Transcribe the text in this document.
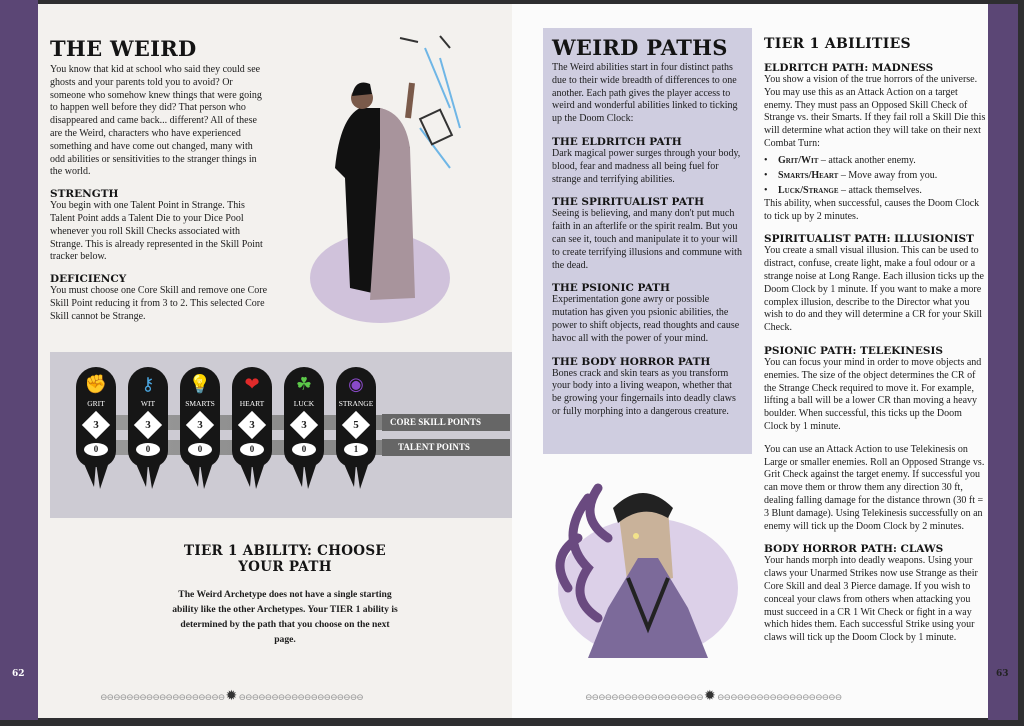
THE WEIRD

You know that kid at school who said they could see ghosts and your parents told you to avoid? Or someone who somehow knew things that were going to happen well before they did? That person who disappeared and came back... different? All of these are the Weird, characters who have experienced something and have come out changed, many with odd abilities or sensitivities to the stranger things in the world.

STRENGTH

You begin with one Talent Point in Strange. This Talent Point adds a Talent Die to your Dice Pool whenever you roll Skill Checks associated with Strange. This is already represented in the Skill Point tracker below.

DEFICIENCY

You must choose one Core Skill and remove one Core Skill Point reducing it from 3 to 2. This selected Core Skill cannot be Strange.

✊
GRIT
3
0
⚷
WIT
3
0
💡
SMARTS
3
0
❤
HEART
3
0
☘
LUCK
3
0
◉
STRANGE
5
1
CORE SKILL POINTS
TALENT POINTS
TIER 1 ABILITY: CHOOSE YOUR PATH

The Weird Archetype does not have a single starting ability like the other Archetypes. Your TIER 1 ability is determined by the path that you choose on the next page.

62
⊖⊖⊖⊖⊖⊖⊖⊖⊖⊖⊖⊖⊖⊖⊖⊖⊖⊖⊖ ✹ ⊖⊖⊖⊖⊖⊖⊖⊖⊖⊖⊖⊖⊖⊖⊖⊖⊖⊖⊖
WEIRD PATHS

The Weird abilities start in four distinct paths due to their wide breadth of differences to one another. Each path gives the player access to weird and wonderful abilities linked to ticking up the Doom Clock:

THE ELDRITCH PATH

Dark magical power surges through your body, blood, fear and madness all being fuel for strange and terrifying abilities.

THE SPIRITUALIST PATH

Seeing is believing, and many don't put much faith in an afterlife or the spirit realm. But you can see it, touch and manipulate it to your will to create terrifying illusions and commune with the dead.

THE PSIONIC PATH

Experimentation gone awry or possible mutation has given you psionic abilities, the power to shift objects, read thoughts and cause havoc all with the power of your mind.

THE BODY HORROR PATH

Bones crack and skin tears as you transform your body into a living weapon, whether that be growing your fingernails into deadly claws or fully morphing into a dangerous creature.

TIER 1 ABILITIES
ELDRITCH PATH: MADNESS

You show a vision of the true horrors of the universe. You may use this as an Attack Action on a target enemy. They must pass an Opposed Skill Check of Strange vs. their Smarts. If they fail roll a Skill Die this will determine what action they will take on their next Combat Turn:

• Grit/Wit – attack another enemy.
• Smarts/Heart – Move away from you.
• Luck/Strange – attack themselves.

This ability, when successful, causes the Doom Clock to tick up by 2 minutes.

SPIRITUALIST PATH: ILLUSIONIST

You create a small visual illusion. This can be used to distract, confuse, create light, make a foul odour or a strange noise at Long Range. Each illusion ticks up the Doom Clock by 1 minute. If you want to make a more complex illusion, describe to the Director what you wish to do and they will determine a CR for your Skill Check.

PSIONIC PATH: TELEKINESIS

You can focus your mind in order to move objects and enemies. The size of the object determines the CR of the Strange Check required to move it. For example, lifting a ball will be a lower CR than moving a heavy boulder. When successful, this ticks up the Doom Clock by 1 minute.

You can use an Attack Action to use Telekinesis on Large or smaller enemies. Roll an Opposed Strange vs. Grit Check against the target enemy. If successful you can move them or throw them any direction 30 ft, dealing falling damage for the distance thrown (30 ft = 3 Blunt damage). Using Telekinesis successfully on an enemy will tick up the Doom Clock by 2 minutes.

BODY HORROR PATH: CLAWS

Your hands morph into deadly weapons. Using your claws your Unarmed Strikes now use Strange as their Core Skill and deal 3 Pierce damage. If you wish to conceal your claws from others when attacking you must succeed in a CR 1 Wit Check or fight in a way which hides them. Each successful Strike using your claws will tick up the Doom Clock by 1 minute.

63
⊖⊖⊖⊖⊖⊖⊖⊖⊖⊖⊖⊖⊖⊖⊖⊖⊖⊖ ✹ ⊖⊖⊖⊖⊖⊖⊖⊖⊖⊖⊖⊖⊖⊖⊖⊖⊖⊖⊖
